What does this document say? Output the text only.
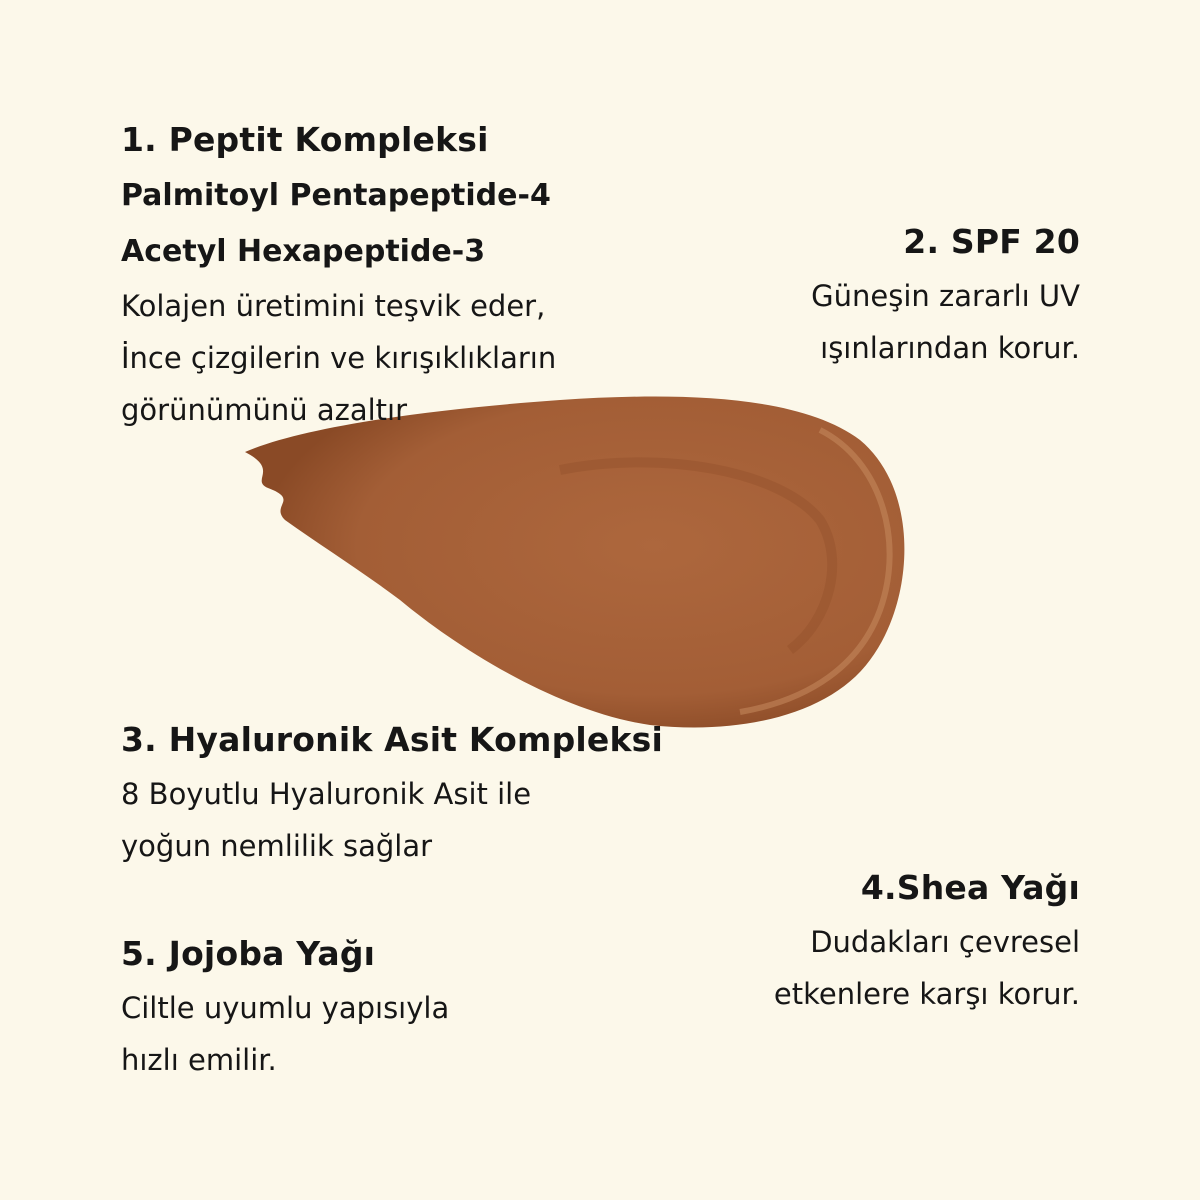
1. Peptit Kompleksi
Palmitoyl Pentapeptide-4
Acetyl Hexapeptide-3
Kolajen üretimini teşvik eder,
İnce çizgilerin ve kırışıklıkların
görünümünü azaltır
2. SPF 20
Güneşin zararlı UV
ışınlarından korur.
3. Hyaluronik Asit Kompleksi
8 Boyutlu Hyaluronik Asit ile
yoğun nemlilik sağlar
4.Shea Yağı
Dudakları çevresel
etkenlere karşı korur.
5. Jojoba Yağı
Ciltle uyumlu yapısıyla
hızlı emilir.
